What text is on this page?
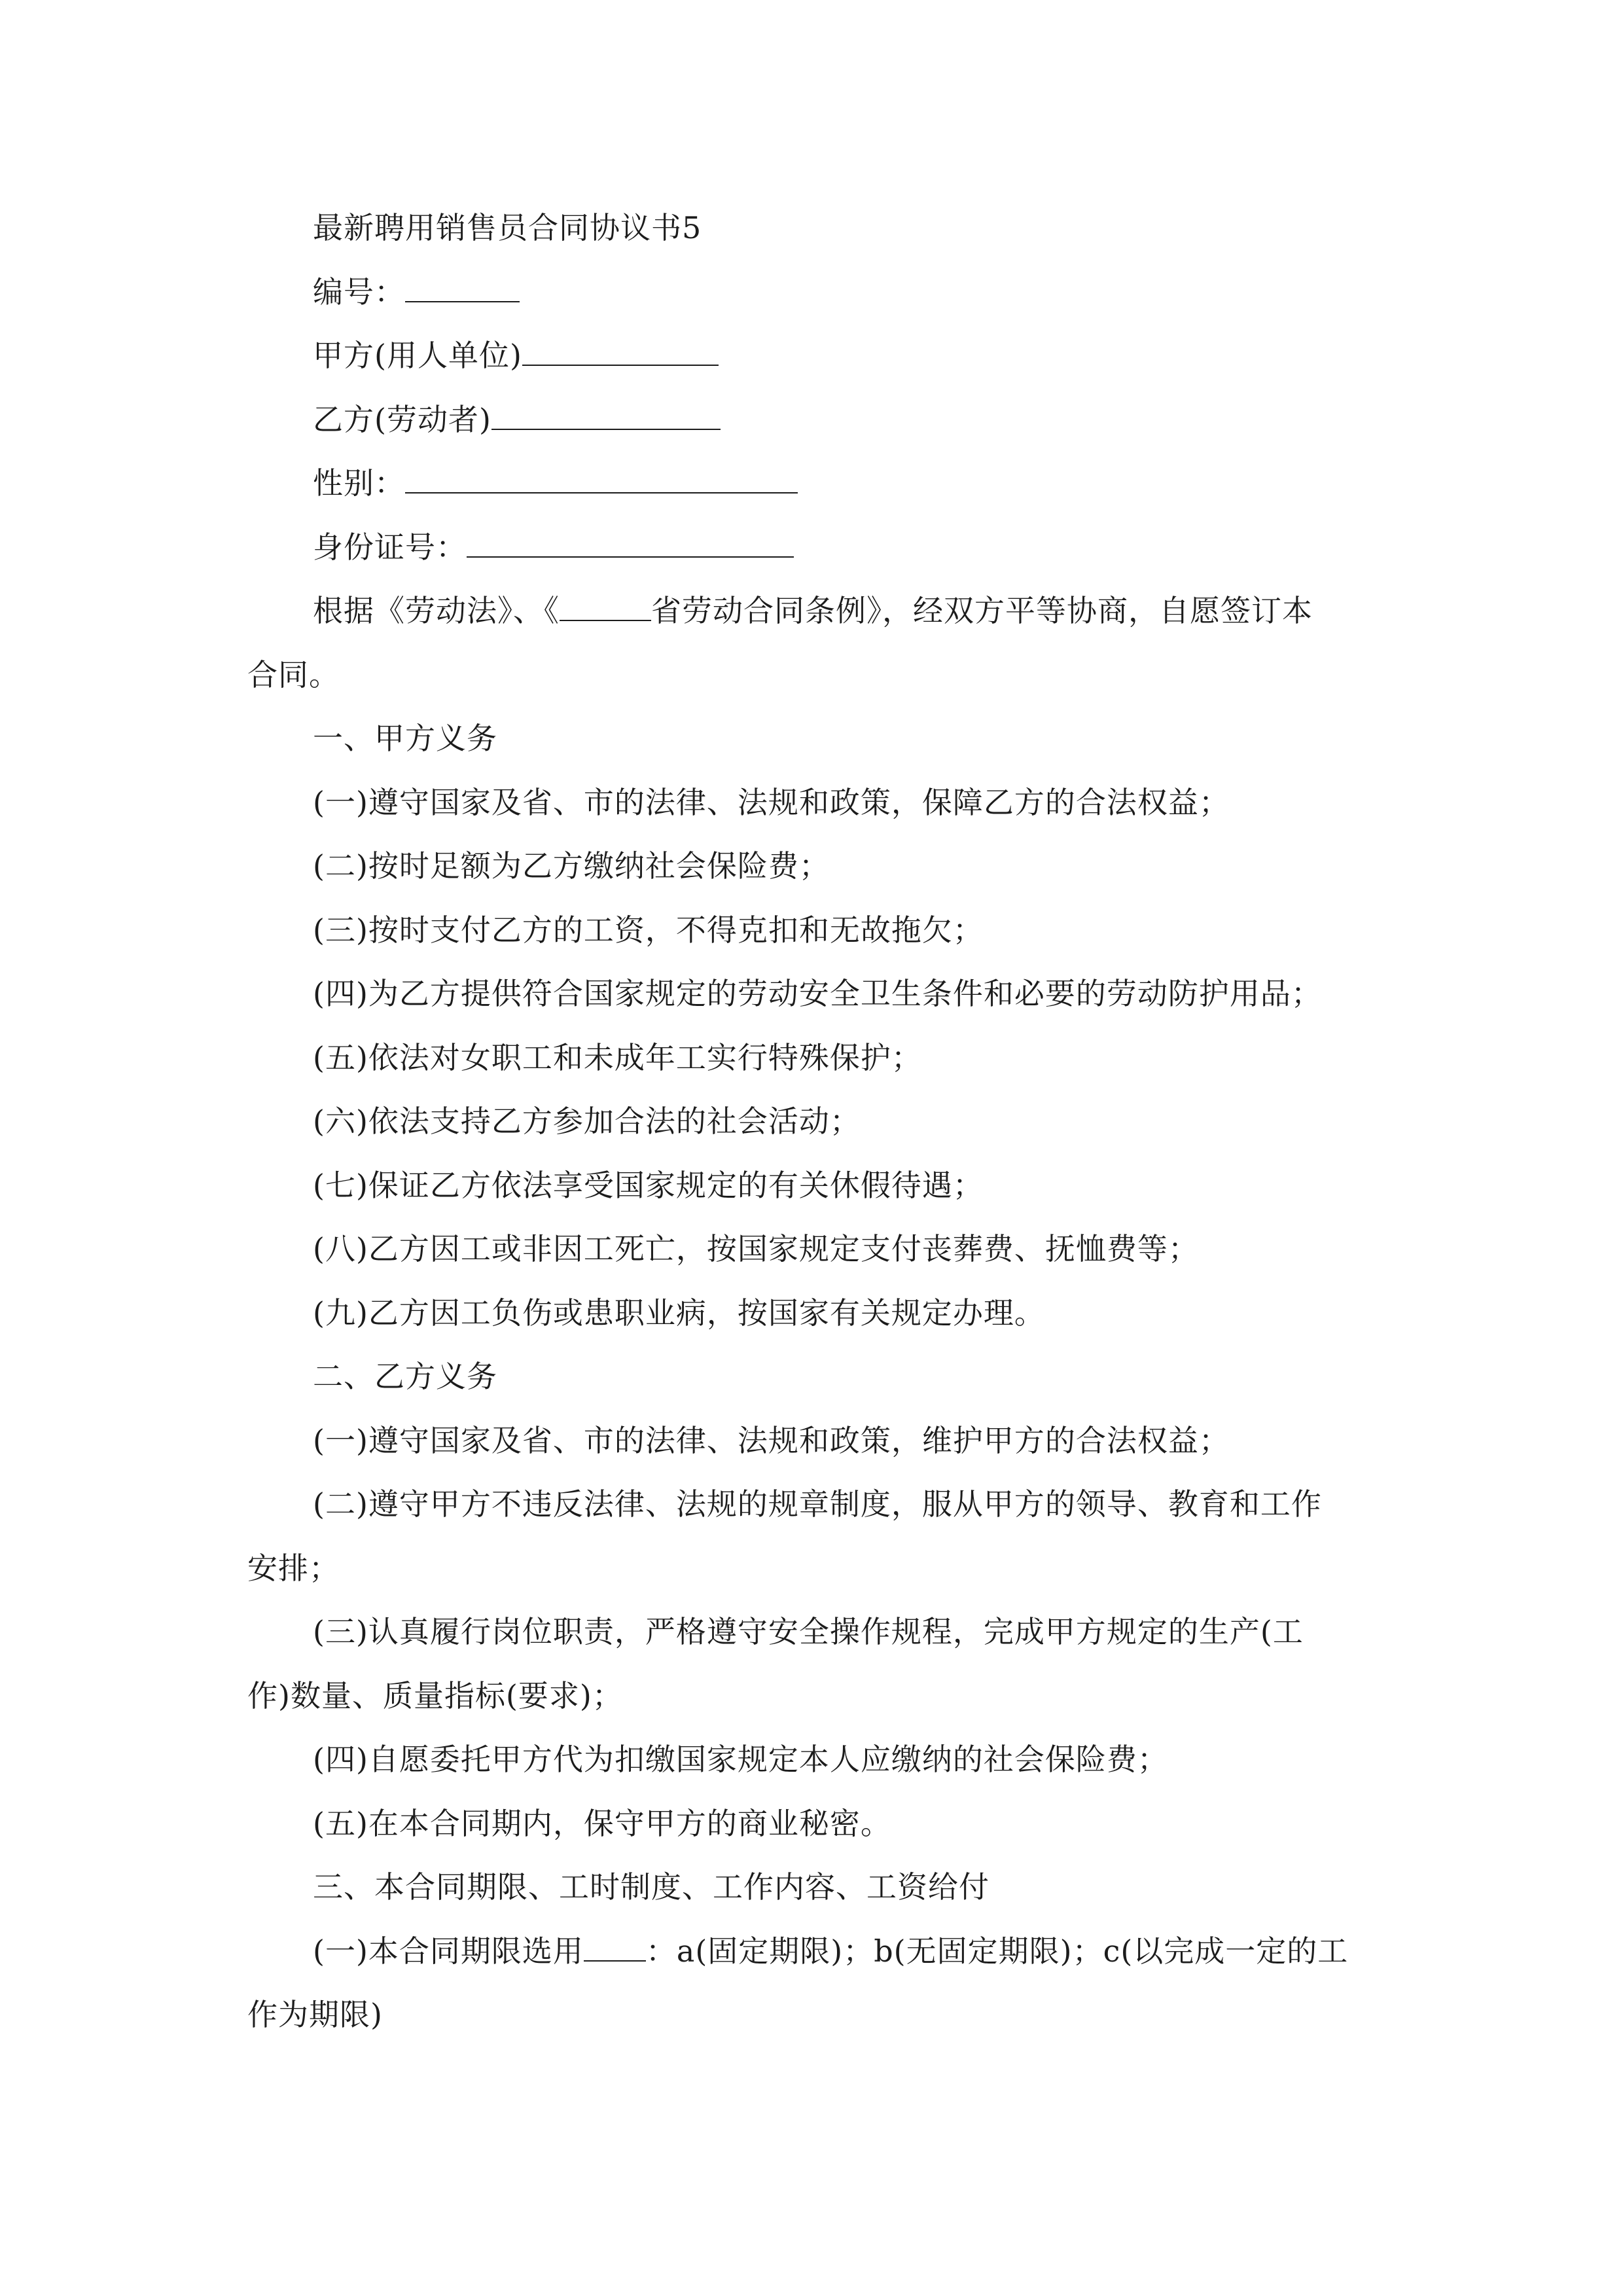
最新聘用销售员合同协议书5
编号：
甲方(用人单位)
乙方(劳动者)
性别：
身份证号：
根据《劳动法》、《	省劳动合同条例》，经双方平等协商，自愿签订本
合同。
一、甲方义务
(一)遵守国家及省、市的法律、法规和政策，保障乙方的合法权益；
(二)按时足额为乙方缴纳社会保险费；
(三)按时支付乙方的工资，不得克扣和无故拖欠；
(四)为乙方提供符合国家规定的劳动安全卫生条件和必要的劳动防护用品；
(五)依法对女职工和未成年工实行特殊保护；
(六)依法支持乙方参加合法的社会活动；
(七)保证乙方依法享受国家规定的有关休假待遇；
(八)乙方因工或非因工死亡，按国家规定支付丧葬费、抚恤费等；
(九)乙方因工负伤或患职业病，按国家有关规定办理。
二、乙方义务
(一)遵守国家及省、市的法律、法规和政策，维护甲方的合法权益；
(二)遵守甲方不违反法律、法规的规章制度，服从甲方的领导、教育和工作
安排；
(三)认真履行岗位职责，严格遵守安全操作规程，完成甲方规定的生产(工
作)数量、质量指标(要求)；
(四)自愿委托甲方代为扣缴国家规定本人应缴纳的社会保险费；
(五)在本合同期内，保守甲方的商业秘密。
三、本合同期限、工时制度、工作内容、工资给付
(一)本合同期限选用 ：a(固定期限)；b(无固定期限)；c(以完成一定的工
作为期限)
